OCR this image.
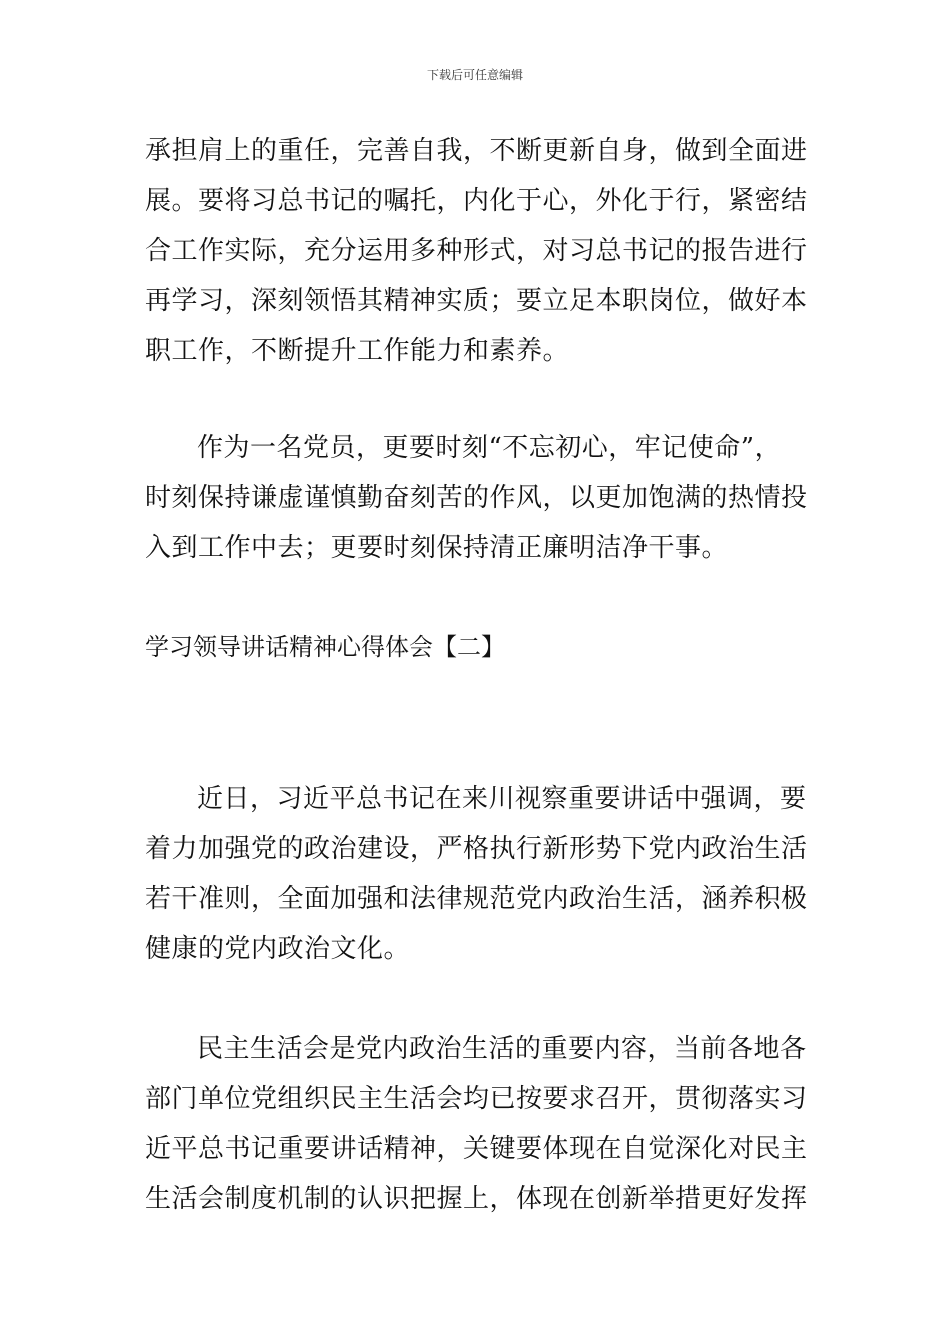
下载后可任意编辑
承担肩上的重任，完善自我，不断更新自身，做到全面进
展。要将习总书记的嘱托，内化于心，外化于行，紧密结
合工作实际，充分运用多种形式，对习总书记的报告进行
再学习，深刻领悟其精神实质；要立足本职岗位，做好本
职工作，不断提升工作能力和素养。
作为一名党员，更要时刻“不忘初心，牢记使命”，
时刻保持谦虚谨慎勤奋刻苦的作风，以更加饱满的热情投
入到工作中去；更要时刻保持清正廉明洁净干事。
学习领导讲话精神心得体会【二】
近日，习近平总书记在来川视察重要讲话中强调，要
着力加强党的政治建设，严格执行新形势下党内政治生活
若干准则，全面加强和法律规范党内政治生活，涵养积极
健康的党内政治文化。
民主生活会是党内政治生活的重要内容，当前各地各
部门单位党组织民主生活会均已按要求召开，贯彻落实习
近平总书记重要讲话精神，关键要体现在自觉深化对民主
生活会制度机制的认识把握上，体现在创新举措更好发挥
